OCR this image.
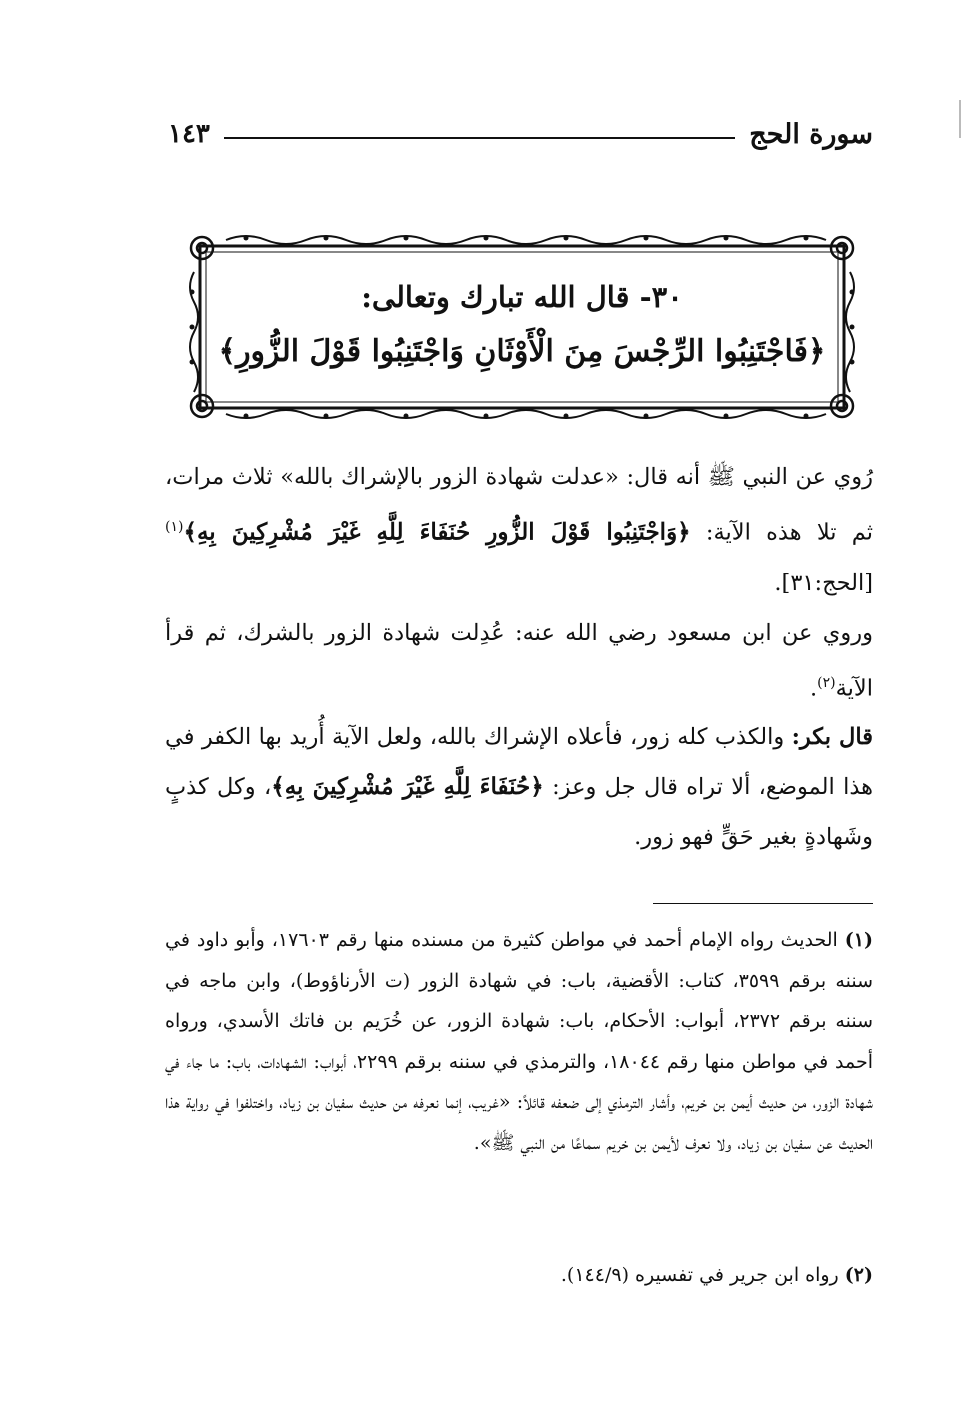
سورة الحج
١٤٣
٣٠- قال الله تبارك وتعالى:
﴿فَاجْتَنِبُوا الرِّجْسَ مِنَ الْأَوْثَانِ وَاجْتَنِبُوا قَوْلَ الزُّورِ﴾
رُوي عن النبي ﷺ أنه قال: «عدلت شهادة الزور بالإشراك بالله» ثلاث مرات، ثم تلا هذه الآية: ﴿وَاجْتَنِبُوا قَوْلَ الزُّورِ حُنَفَاءَ لِلَّهِ غَيْرَ مُشْرِكِينَ بِهِ﴾$^{(١)}$ [الحج:٣١].
وروي عن ابن مسعود رضي الله عنه: عُدِلت شهادة الزور بالشرك، ثم قرأ الآية$^{(٢)}$.
قال بكر: والكذب كله زور، فأعلاه الإشراك بالله، ولعل الآية أُريد بها الكفر في هذا الموضع، ألا تراه قال جل وعز: ﴿حُنَفَاءَ لِلَّهِ غَيْرَ مُشْرِكِينَ بِهِ﴾، وكل كذبٍ وشَهادةٍ بغير حَقٍّ فهو زور.
(١) الحديث رواه الإمام أحمد في مواطن كثيرة من مسنده منها رقم ١٧٦٠٣، وأبو داود في سننه برقم ٣٥٩٩، كتاب: الأقضية، باب: في شهادة الزور (ت الأرناؤوط)، وابن ماجه في سننه برقم ٢٣٧٢، أبواب: الأحكام، باب: شهادة الزور، عن خُرَيم بن فاتك الأسدي، ورواه أحمد في مواطن منها رقم ١٨٠٤٤، والترمذي في سننه برقم ٢٢٩٩، أبواب: الشهادات، باب: ما جاء في شهادة الزور، من حديث أيمن بن خريم، وأشار الترمذي إلى ضعفه قائلاً: «غريب، إنما نعرفه من حديث سفيان بن زياد، واختلفوا في رواية هذا الحديث عن سفيان بن زياد، ولا نعرف لأيمن بن خريم سماعًا من النبي ﷺ».
(٢) رواه ابن جرير في تفسيره (١٤٤/٩).
